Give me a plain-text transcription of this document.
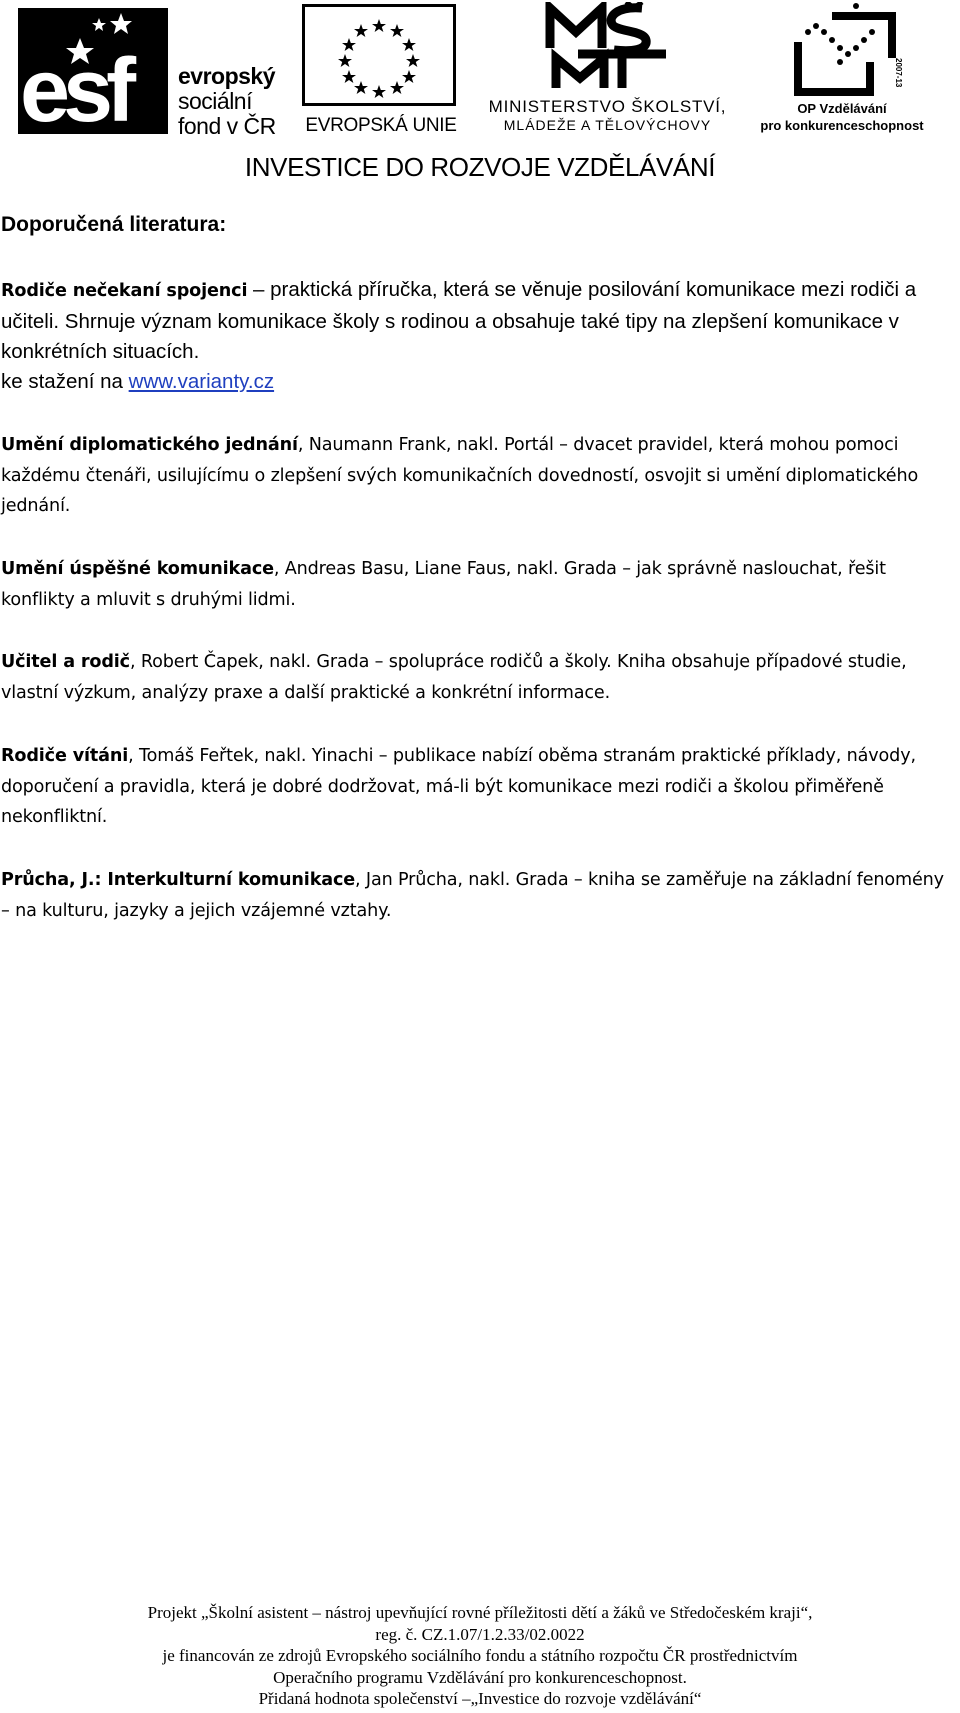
esf evropský
sociální
fond v ČR EVROPSKÁ UNIE
MINISTERSTVO ŠKOLSTVÍ,
MLÁDEŽE A TĚLOVÝCHOVY
2007-13
OP Vzdělávání
pro konkurenceschopnost
INVESTICE DO ROZVOJE VZDĚLÁVÁNÍ
Doporučená literatura:
Rodiče nečekaní spojenci – praktická příručka, která se věnuje posilování komunikace mezi rodiči a učiteli. Shrnuje význam komunikace školy s rodinou a obsahuje také tipy na zlepšení komunikace v konkrétních situacích.
ke stažení na www.varianty.cz
Umění diplomatického jednání, Naumann Frank, nakl. Portál – dvacet pravidel, která mohou pomoci každému čtenáři, usilujícímu o zlepšení svých komunikačních dovedností, osvojit si umění diplomatického jednání.
Umění úspěšné komunikace, Andreas Basu, Liane Faus, nakl. Grada – jak správně naslouchat, řešit konflikty a mluvit s druhými lidmi.
Učitel a rodič, Robert Čapek, nakl. Grada – spolupráce rodičů a školy. Kniha obsahuje případové studie, vlastní výzkum, analýzy praxe a další praktické a konkrétní informace.
Rodiče vítáni, Tomáš Feřtek, nakl. Yinachi – publikace nabízí oběma stranám praktické příklady, návody, doporučení a pravidla, která je dobré dodržovat, má-li být komunikace mezi rodiči a školou přiměřeně nekonfliktní.
Průcha, J.: Interkulturní komunikace, Jan Průcha, nakl. Grada – kniha se zaměřuje na základní fenomény – na kulturu, jazyky a jejich vzájemné vztahy.
Projekt „Školní asistent – nástroj upevňující rovné příležitosti dětí a žáků ve Středočeském kraji“,
reg. č. CZ.1.07/1.2.33/02.0022
je financován ze zdrojů Evropského sociálního fondu a státního rozpočtu ČR prostřednictvím
Operačního programu Vzdělávání pro konkurenceschopnost.
Přidaná hodnota společenství –„Investice do rozvoje vzdělávání“
